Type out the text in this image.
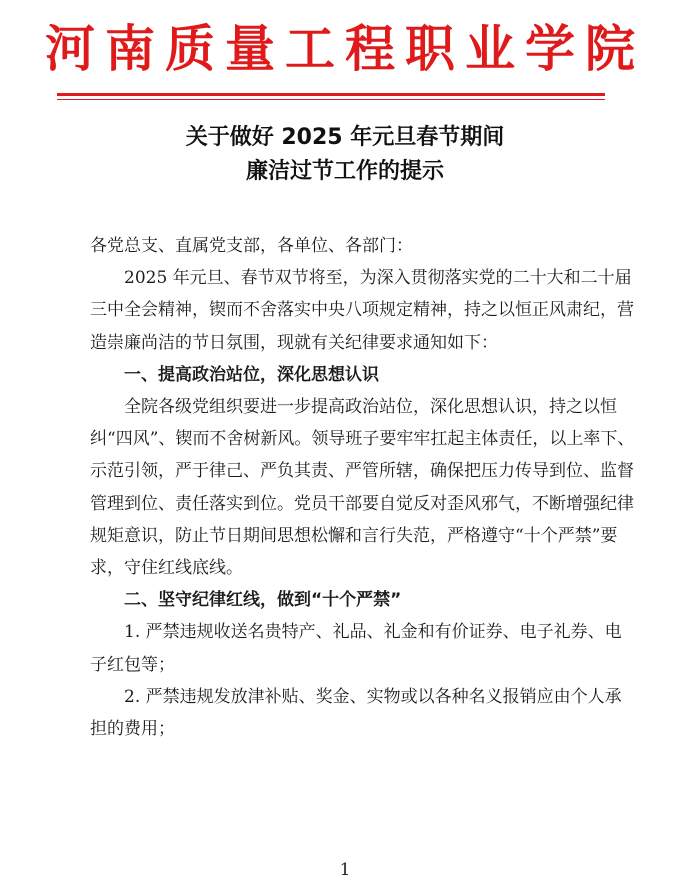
河南质量工程职业学院
关于做好 2025 年元旦春节期间
廉洁过节工作的提示

各党总支、直属党支部，各单位、各部门：

2025 年元旦、春节双节将至，为深入贯彻落实党的二十大和二十届三中全会精神，锲而不舍落实中央八项规定精神，持之以恒正风肃纪，营造崇廉尚洁的节日氛围，现就有关纪律要求通知如下：

一、提高政治站位，深化思想认识

全院各级党组织要进一步提高政治站位，深化思想认识，持之以恒纠“四风”、锲而不舍树新风。领导班子要牢牢扛起主体责任，以上率下、示范引领，严于律己、严负其责、严管所辖，确保把压力传导到位、监督管理到位、责任落实到位。党员干部要自觉反对歪风邪气，不断增强纪律规矩意识，防止节日期间思想松懈和言行失范，严格遵守“十个严禁”要求，守住红线底线。

二、坚守纪律红线，做到“十个严禁”

1. 严禁违规收送名贵特产、礼品、礼金和有价证券、电子礼券、电子红包等；

2. 严禁违规发放津补贴、奖金、实物或以各种名义报销应由个人承担的费用；

1
